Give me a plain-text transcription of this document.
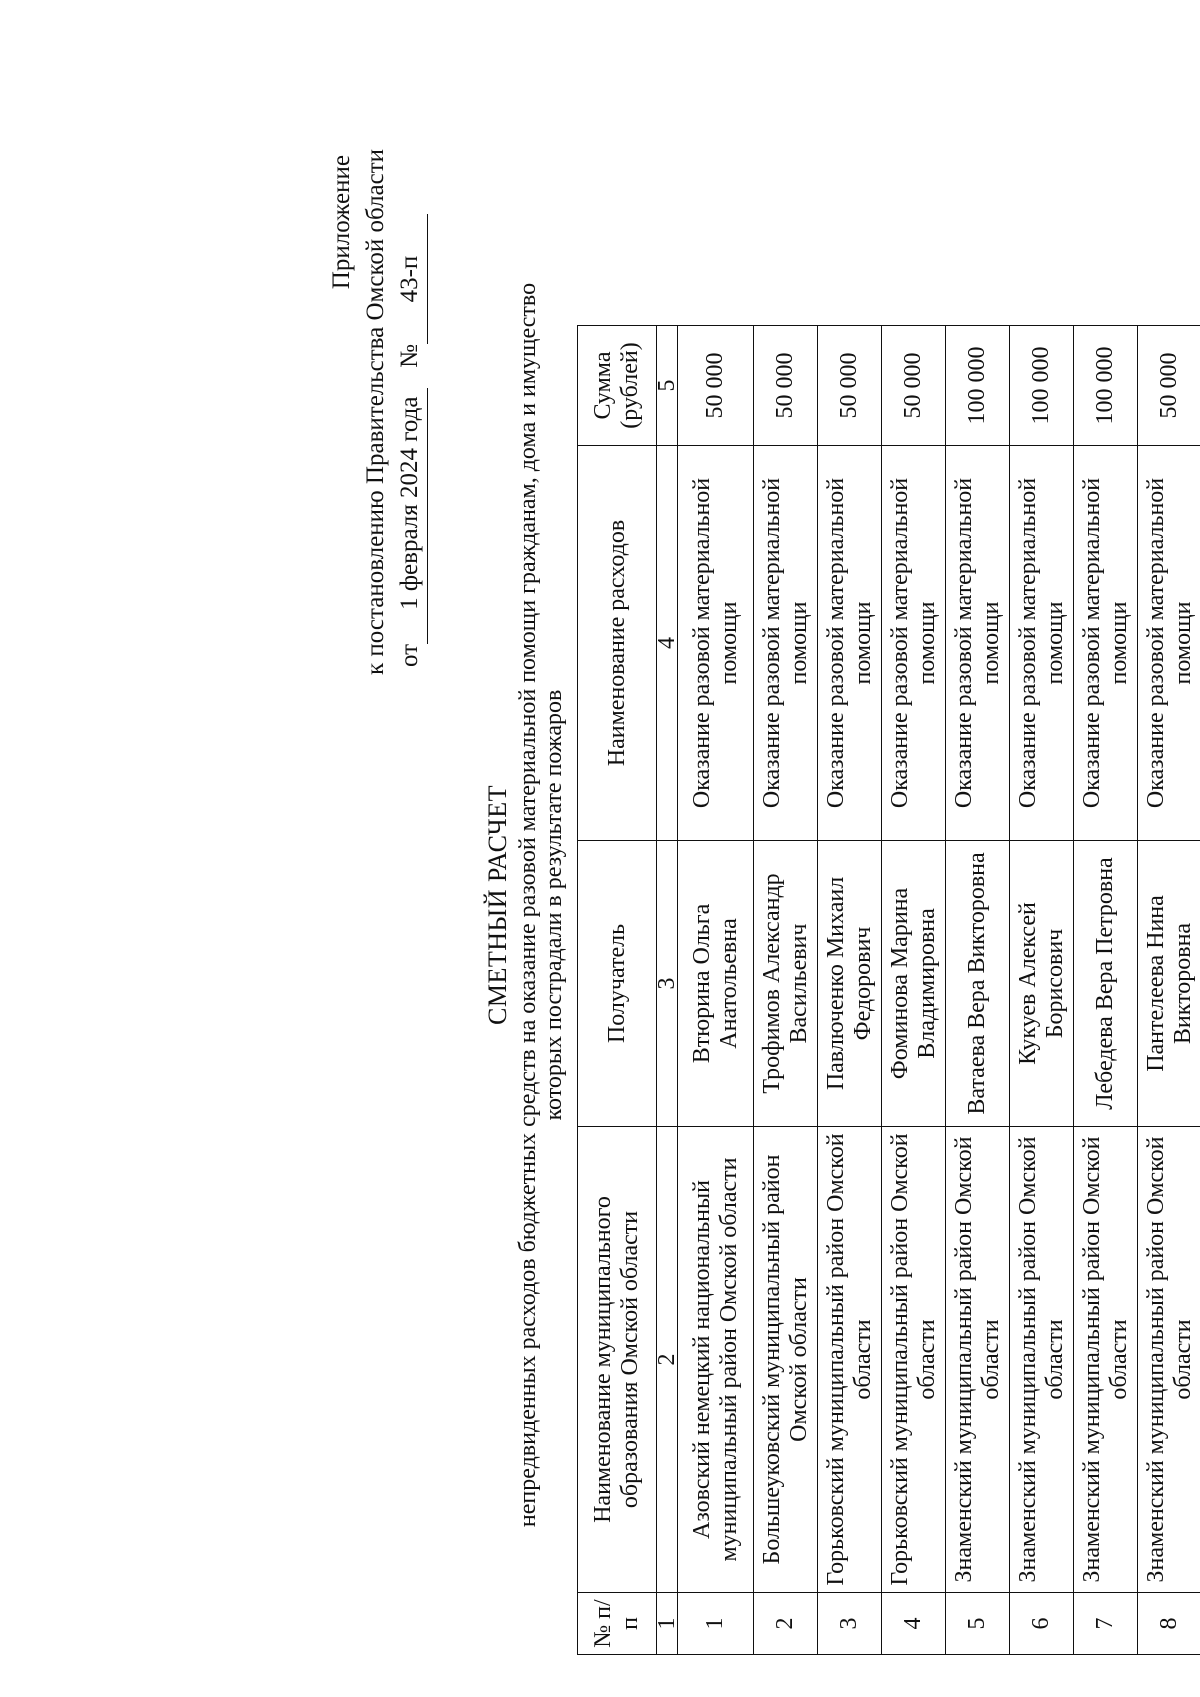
Приложение к постановлению Правительства Омской области от 1 февраля 2024 года №43-п
СМЕТНЫЙ РАСЧЕТ непредвиденных расходов бюджетных средств на оказание разовой материальной помощи гражданам, дома и имущество которых пострадали в результате пожаров
№ п/п	Наименование муниципального образования Омской области	Получатель	Наименование расходов	Сумма (рублей)
1	2	3	4	5
1	Азовский немецкий национальный муниципальный район Омской области	Втюрина Ольга Анатольевна	Оказание разовой материальной помощи	50 000
2	Большеуковский муниципальный район Омской области	Трофимов Александр Васильевич	Оказание разовой материальной помощи	50 000
3	Горьковский муниципальный район Омской области	Павлюченко Михаил Федорович	Оказание разовой материальной помощи	50 000
4	Горьковский муниципальный район Омской области	Фоминова Марина Владимировна	Оказание разовой материальной помощи	50 000
5	Знаменский муниципальный район Омской области	Ватаева Вера Викторовна	Оказание разовой материальной помощи	100 000
6	Знаменский муниципальный район Омской области	Кукуев Алексей Борисович	Оказание разовой материальной помощи	100 000
7	Знаменский муниципальный район Омской области	Лебедева Вера Петровна	Оказание разовой материальной помощи	100 000
8	Знаменский муниципальный район Омской области	Пантелеева Нина Викторовна	Оказание разовой материальной помощи	50 000
